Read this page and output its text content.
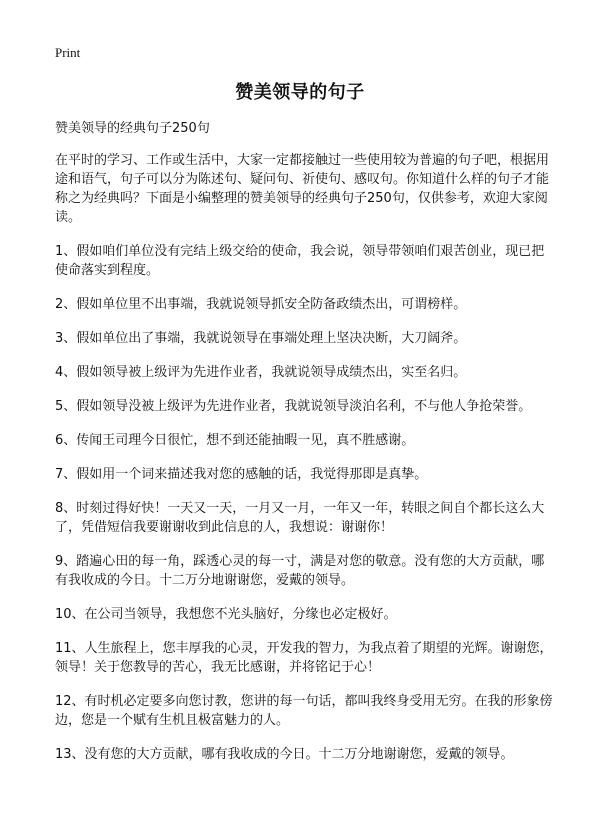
Print
赞美领导的句子

赞美领导的经典句子250句

在平时的学习、工作或生活中，大家一定都接触过一些使用较为普遍的句子吧，根据用途和语气，句子可以分为陈述句、疑问句、祈使句、感叹句。你知道什么样的句子才能称之为经典吗？下面是小编整理的赞美领导的经典句子250句，仅供参考，欢迎大家阅读。

1、假如咱们单位没有完结上级交给的使命，我会说，领导带领咱们艰苦创业，现已把使命落实到程度。

2、假如单位里不出事端，我就说领导抓安全防备政绩杰出，可谓榜样。

3、假如单位出了事端，我就说领导在事端处理上坚决决断，大刀阔斧。

4、假如领导被上级评为先进作业者，我就说领导成绩杰出，实至名归。

5、假如领导没被上级评为先进作业者，我就说领导淡泊名利，不与他人争抢荣誉。

6、传闻王司理今日很忙，想不到还能抽暇一见，真不胜感谢。

7、假如用一个词来描述我对您的感触的话，我觉得那即是真挚。

8、时刻过得好快！一天又一天，一月又一月，一年又一年，转眼之间自个都长这么大了，凭借短信我要谢谢收到此信息的人，我想说：谢谢你！

9、踏遍心田的每一角，踩透心灵的每一寸，满是对您的敬意。没有您的大方贡献，哪有我收成的今日。十二万分地谢谢您，爱戴的领导。

10、在公司当领导，我想您不光头脑好，分缘也必定极好。

11、人生旅程上，您丰厚我的心灵，开发我的智力，为我点着了期望的光辉。谢谢您，领导！关于您教导的苦心，我无比感谢，并将铭记于心！

12、有时机必定要多向您讨教，您讲的每一句话，都叫我终身受用无穷。在我的形象傍边，您是一个赋有生机且极富魅力的人。

13、没有您的大方贡献，哪有我收成的今日。十二万分地谢谢您，爱戴的领导。
